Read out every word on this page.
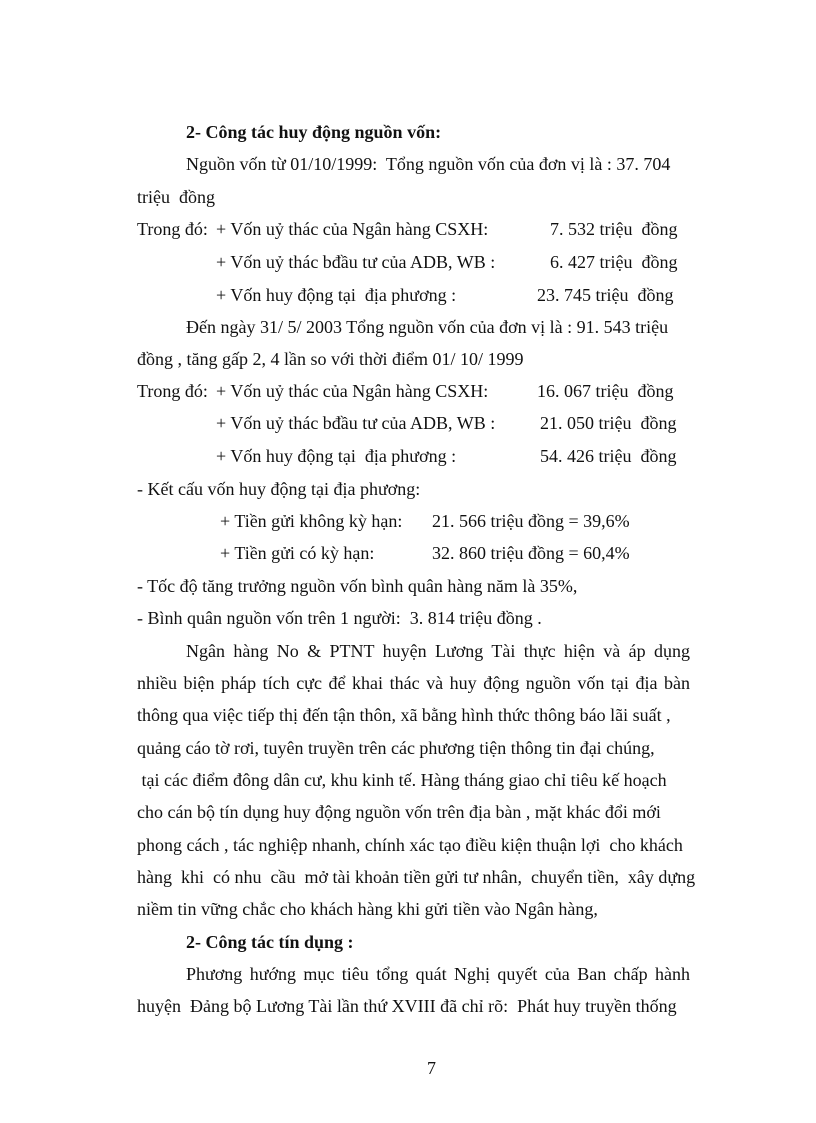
2- Công tác huy động nguồn vốn:
Nguồn vốn từ 01/10/1999:  Tổng nguồn vốn của đơn vị là : 37. 704
triệu  đồng
Trong đó: + Vốn uỷ thác của Ngân hàng CSXH:	7. 532 triệu  đồng
+ Vốn uỷ thác bđầu tư của ADB, WB :	6. 427 triệu  đồng
+ Vốn huy động tại  địa phương :	23. 745 triệu  đồng
Đến ngày 31/ 5/ 2003 Tổng nguồn vốn của đơn vị là : 91. 543 triệu
đồng , tăng gấp 2, 4 lần so với thời điểm 01/ 10/ 1999
Trong đó: + Vốn uỷ thác của Ngân hàng CSXH:	16. 067 triệu  đồng
+ Vốn uỷ thác bđầu tư của ADB, WB : 21. 050 triệu  đồng
+ Vốn huy động tại  địa phương :	54. 426 triệu  đồng
- Kết cấu vốn huy động tại địa phương:
+ Tiền gửi không kỳ hạn: 21. 566 triệu đồng = 39,6%
+ Tiền gửi có kỳ hạn:	32. 860 triệu đồng = 60,4%
- Tốc độ tăng trưởng nguồn vốn bình quân hàng năm là 35%,
- Bình quân nguồn vốn trên 1 người:  3. 814 triệu đồng .
Ngân hàng No & PTNT huyện Lương Tài thực hiện và áp dụng
nhiều biện pháp tích cực để khai thác và huy động nguồn vốn tại địa bàn
thông qua việc tiếp thị đến tận thôn, xã bằng hình thức thông báo lãi suất ,
quảng cáo tờ rơi, tuyên truyền trên các phương tiện thông tin đại chúng,
tại các điểm đông dân cư, khu kinh tế. Hàng tháng giao chỉ tiêu kế hoạch
cho cán bộ tín dụng huy động nguồn vốn trên địa bàn , mặt khác đổi mới
phong cách , tác nghiệp nhanh, chính xác tạo điều kiện thuận lợi  cho khách
hàng  khi  có nhu  cầu  mở tài khoản tiền gửi tư nhân,  chuyển tiền,  xây dựng
niềm tin vững chắc cho khách hàng khi gửi tiền vào Ngân hàng,
2- Công tác tín dụng :
Phương hướng mục tiêu tổng quát Nghị quyết của Ban chấp hành
huyện  Đảng bộ Lương Tài lần thứ XVIII đã chỉ rõ:  Phát huy truyền thống
7
